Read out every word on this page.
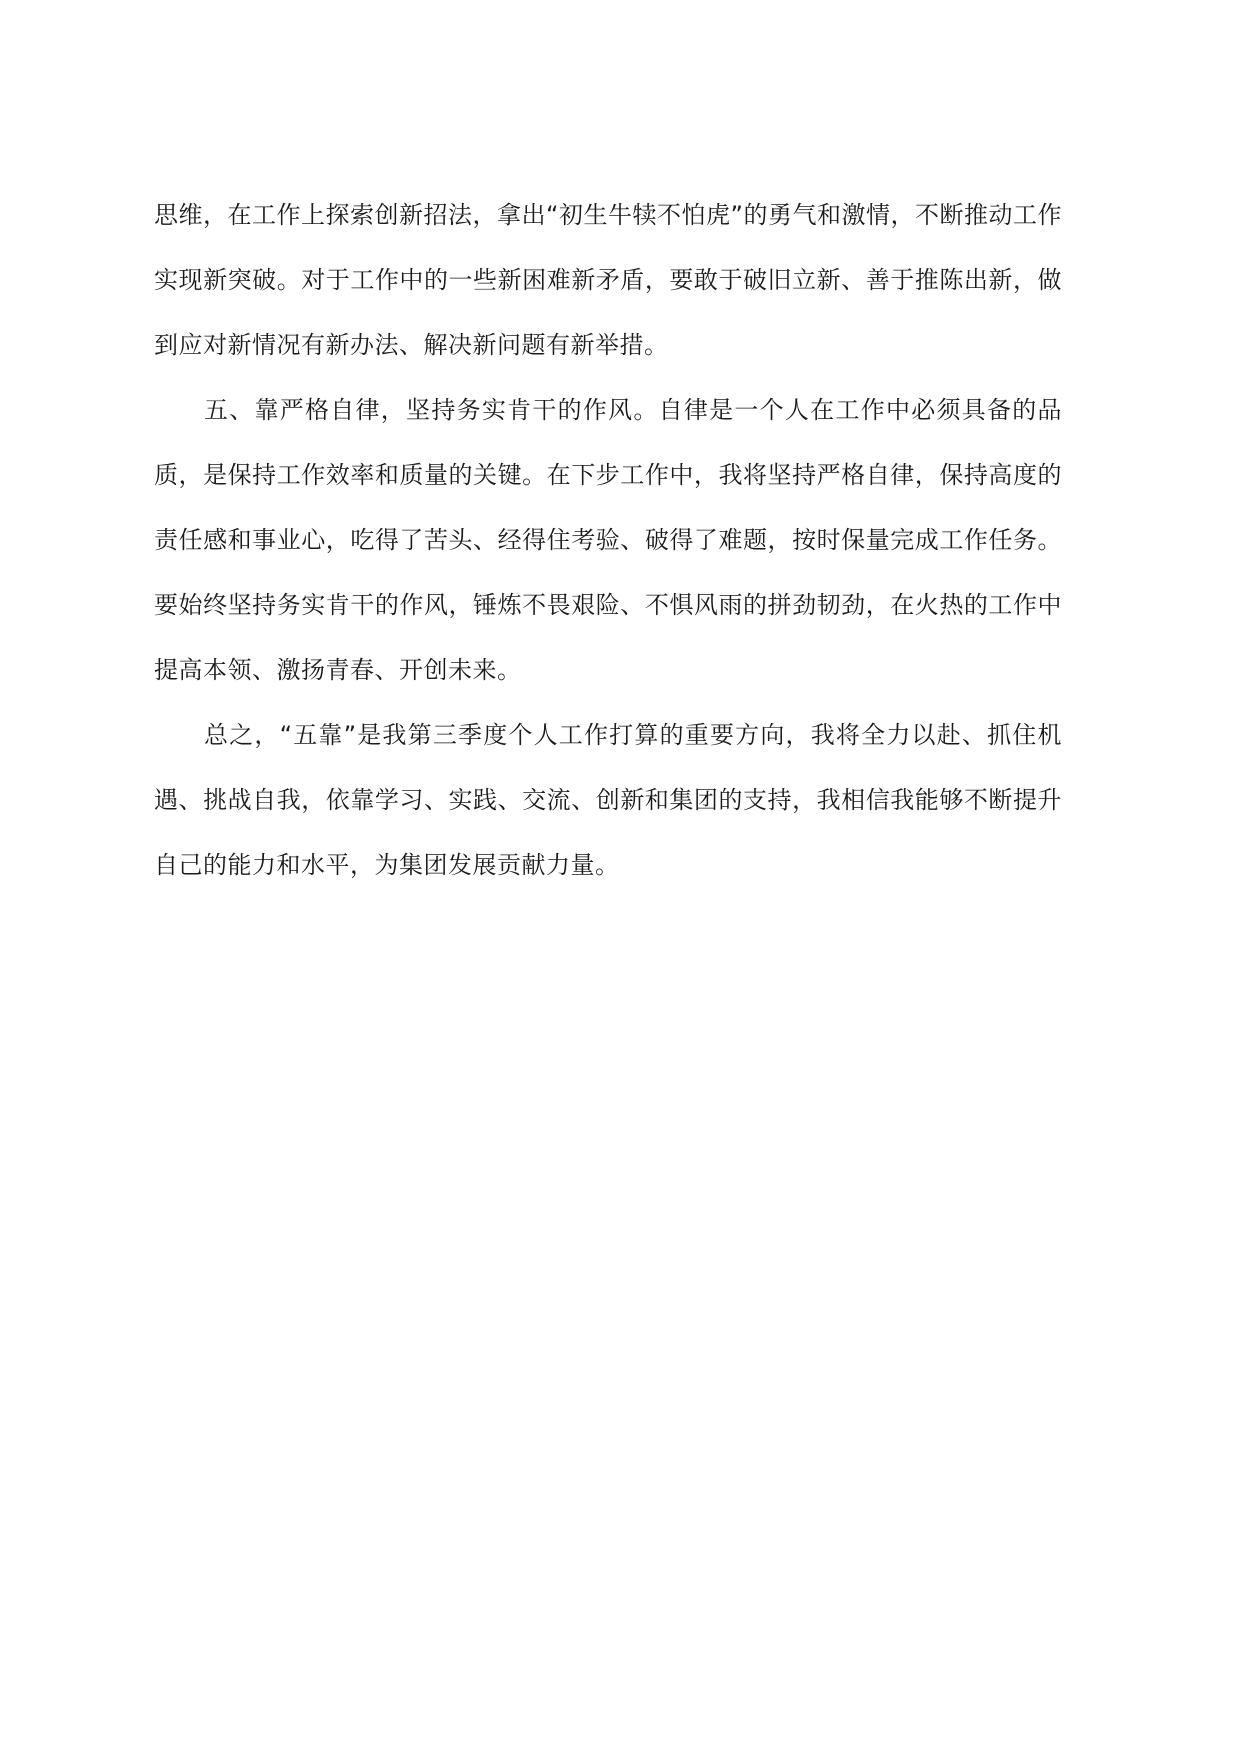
思维，在工作上探索创新招法，拿出“初生牛犊不怕虎”的勇气和激情，不断推动工作实现新突破。对于工作中的一些新困难新矛盾，要敢于破旧立新、善于推陈出新，做到应对新情况有新办法、解决新问题有新举措。

五、靠严格自律，坚持务实肯干的作风。自律是一个人在工作中必须具备的品质，是保持工作效率和质量的关键。在下步工作中，我将坚持严格自律，保持高度的责任感和事业心，吃得了苦头、经得住考验、破得了难题，按时保量完成工作任务。要始终坚持务实肯干的作风，锤炼不畏艰险、不惧风雨的拼劲韧劲，在火热的工作中提高本领、激扬青春、开创未来。

总之，“五靠”是我第三季度个人工作打算的重要方向，我将全力以赴、抓住机遇、挑战自我，依靠学习、实践、交流、创新和集团的支持，我相信我能够不断提升自己的能力和水平，为集团发展贡献力量。
